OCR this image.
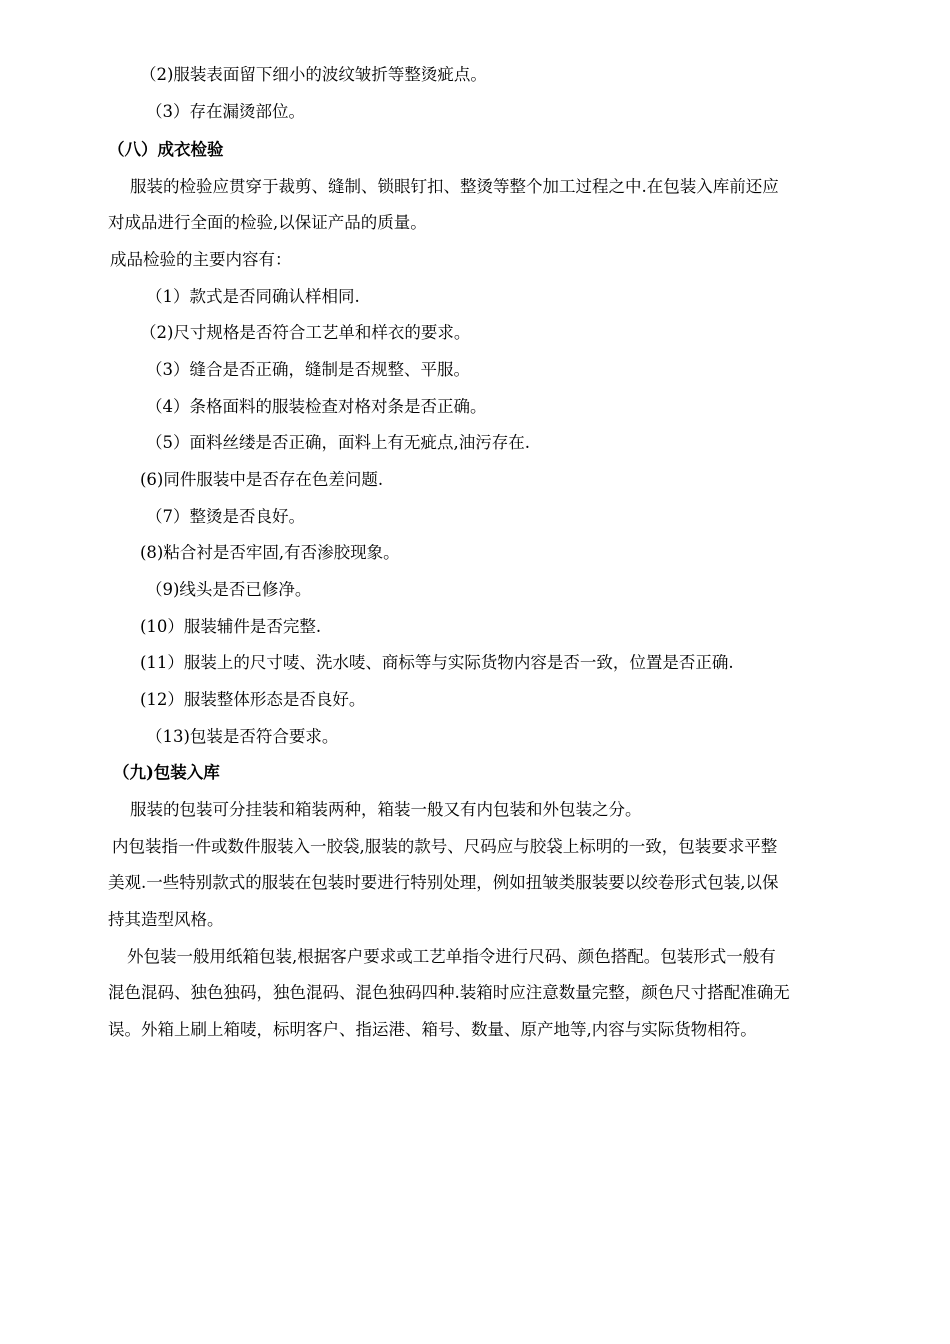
（2)服装表面留下细小的波纹皱折等整烫疵点。
（3）存在漏烫部位。
（八）成衣检验
服装的检验应贯穿于裁剪、缝制、锁眼钉扣、整烫等整个加工过程之中.在包装入库前还应
对成品进行全面的检验,以保证产品的质量。
成品检验的主要内容有：
（1）款式是否同确认样相同.
（2)尺寸规格是否符合工艺单和样衣的要求。
（3）缝合是否正确，缝制是否规整、平服。
（4）条格面料的服装检查对格对条是否正确。
（5）面料丝缕是否正确，面料上有无疵点,油污存在.
(6)同件服装中是否存在色差问题.
（7）整烫是否良好。
(8)粘合衬是否牢固,有否渗胶现象。
（9)线头是否已修净。
(10）服装辅件是否完整.
(11）服装上的尺寸唛、洗水唛、商标等与实际货物内容是否一致，位置是否正确.
(12）服装整体形态是否良好。
（13)包装是否符合要求。
（九)包装入库
服装的包装可分挂装和箱装两种，箱装一般又有内包装和外包装之分。
内包装指一件或数件服装入一胶袋,服装的款号、尺码应与胶袋上标明的一致，包装要求平整
美观.一些特别款式的服装在包装时要进行特别处理，例如扭皱类服装要以绞卷形式包装,以保
持其造型风格。
外包装一般用纸箱包装,根据客户要求或工艺单指令进行尺码、颜色搭配。包装形式一般有
混色混码、独色独码，独色混码、混色独码四种.装箱时应注意数量完整，颜色尺寸搭配准确无
误。外箱上刷上箱唛，标明客户、指运港、箱号、数量、原产地等,内容与实际货物相符。
